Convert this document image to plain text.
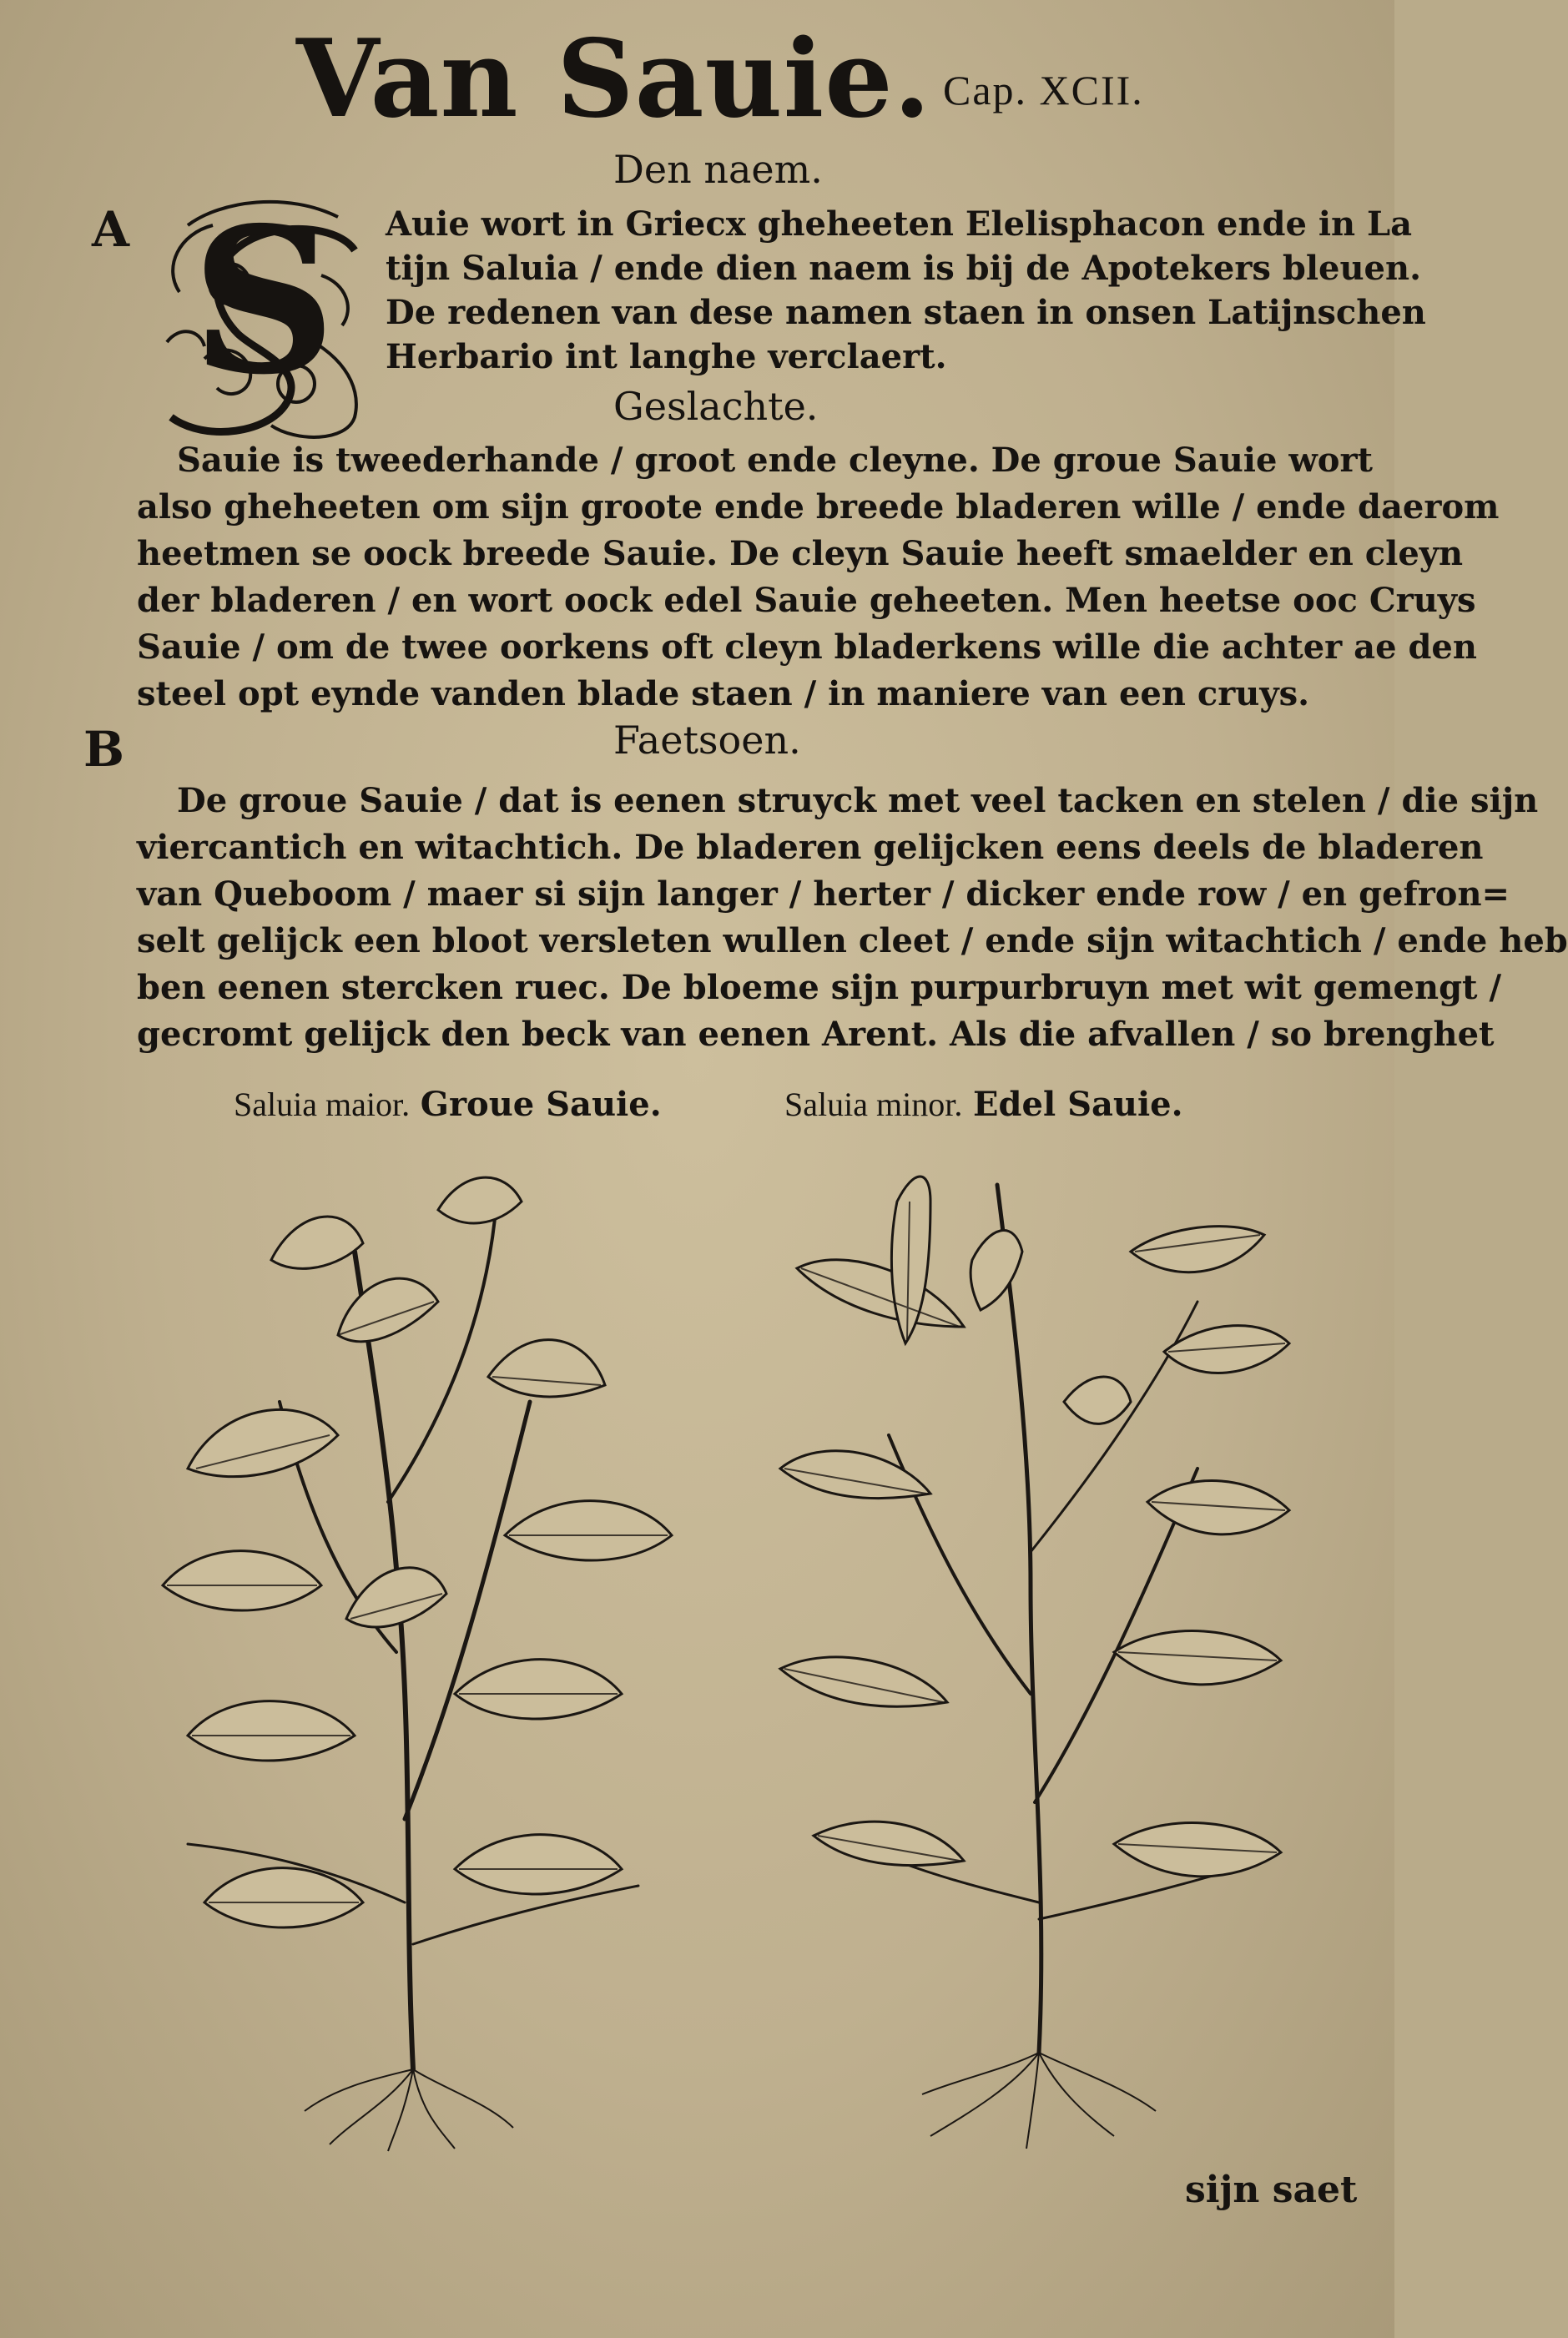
Van Sauie. Cap. XCII.
Den naem.
A S Auie wort in Griecx gheheeten Elelisphacon ende in La
tijn Saluia / ende dien naem is bij de Apotekers bleuen.
De redenen van dese namen staen in onsen Latijnschen
Herbario int langhe verclaert.
Geslachte.
Sauie is tweederhande / groot ende cleyne. De groue Sauie wort
also gheheeten om sijn groote ende breede bladeren wille / ende daerom
heetmen se oock breede Sauie. De cleyn Sauie heeft smaelder en cleyn
der bladeren / en wort oock edel Sauie geheeten. Men heetse ooc Cruys
Sauie / om de twee oorkens oft cleyn bladerkens wille die achter ae den
steel opt eynde vanden blade staen / in maniere van een cruys.
B	Faetsoen.
De groue Sauie / dat is eenen struyck met veel tacken en stelen / die sijn
viercantich en witachtich. De bladeren gelijcken eens deels de bladeren
van Queboom / maer si sijn langer / herter / dicker ende row / en gefron=
selt gelijck een bloot versleten wullen cleet / ende sijn witachtich / ende heb
ben eenen stercken ruec. De bloeme sijn purpurbruyn met wit gemengt /
gecromt gelijck den beck van eenen Arent. Als die afvallen / so brenghet
Saluia maior. Groue Sauie.	Saluia minor. Edel Sauie.
sijn saet
